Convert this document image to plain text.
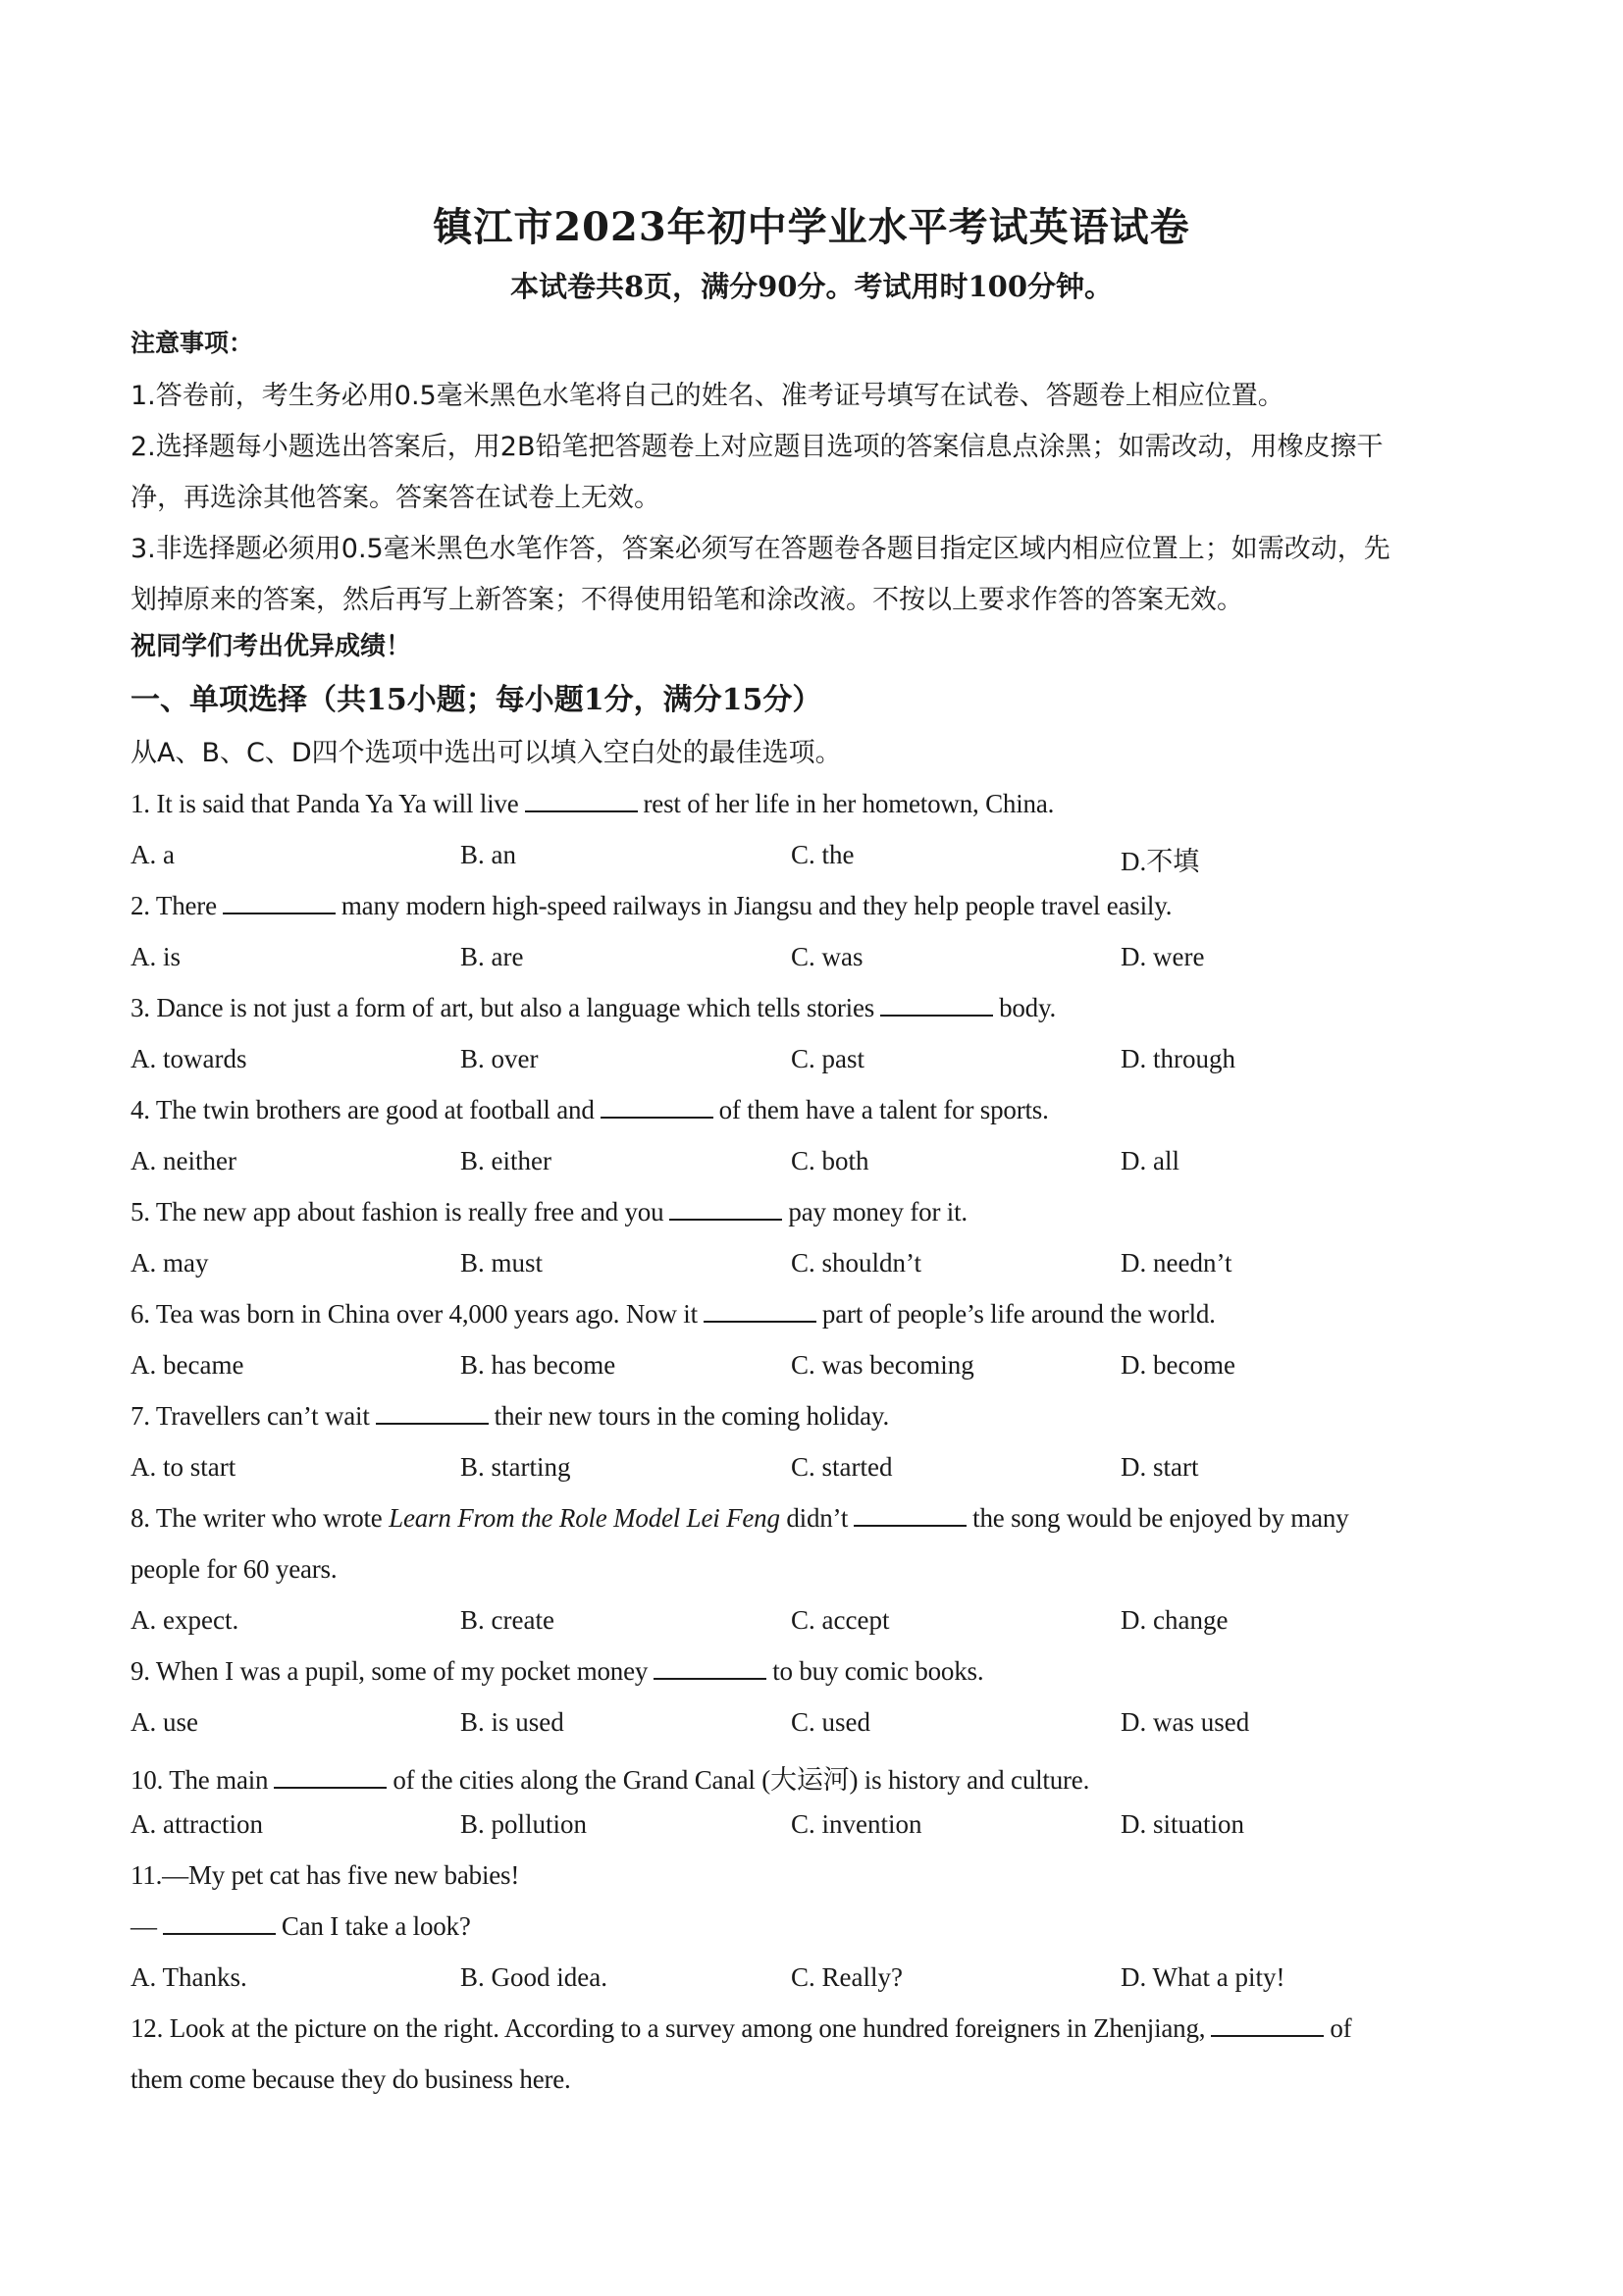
镇江市2023年初中学业水平考试英语试卷
本试卷共8页，满分90分。考试用时100分钟。
注意事项：
1.答卷前，考生务必用0.5毫米黑色水笔将自己的姓名、准考证号填写在试卷、答题卷上相应位置。
2.选择题每小题选出答案后，用2B铅笔把答题卷上对应题目选项的答案信息点涂黑；如需改动，用橡皮擦干
净，再选涂其他答案。答案答在试卷上无效。
3.非选择题必须用0.5毫米黑色水笔作答，答案必须写在答题卷各题目指定区域内相应位置上；如需改动，先
划掉原来的答案，然后再写上新答案；不得使用铅笔和涂改液。不按以上要求作答的答案无效。
祝同学们考出优异成绩！
一、单项选择（共15小题；每小题1分，满分15分）
从A、B、C、D四个选项中选出可以填入空白处的最佳选项。
1. It is said that Panda Ya Ya will live	rest of her life in her hometown, China.
A. a	B. an	C. the	D.不填
2. There	many modern high-speed railways in Jiangsu and they help people travel easily.
A. is	B. are	C. was	D. were
3. Dance is not just a form of art, but also a language which tells stories	body.
A. towards	B. over	C. past	D. through
4. The twin brothers are good at football and	of them have a talent for sports.
A. neither	B. either	C. both	D. all
5. The new app about fashion is really free and you	pay money for it.
A. may	B. must	C. shouldn’t	D. needn’t
6. Tea was born in China over 4,000 years ago. Now it	part of people’s life around the world.
A. became	B. has become	C. was becoming	D. become
7. Travellers can’t wait	their new tours in the coming holiday.
A. to start	B. starting	C. started	D. start
8. The writer who wrote Learn From the Role Model Lei Feng didn’t	the song would be enjoyed by many
people for 60 years.
A. expect.	B. create	C. accept	D. change
9. When I was a pupil, some of my pocket money	to buy comic books.
A. use	B. is used	C. used	D. was used
10. The main	of the cities along the Grand Canal (大运河) is history and culture.
A. attraction	B. pollution	C. invention	D. situation
11.—My pet cat has five new babies!
—	Can I take a look?
A. Thanks.	B. Good idea.	C. Really?	D. What a pity!
12. Look at the picture on the right. According to a survey among one hundred foreigners in Zhenjiang,	of
them come because they do business here.
